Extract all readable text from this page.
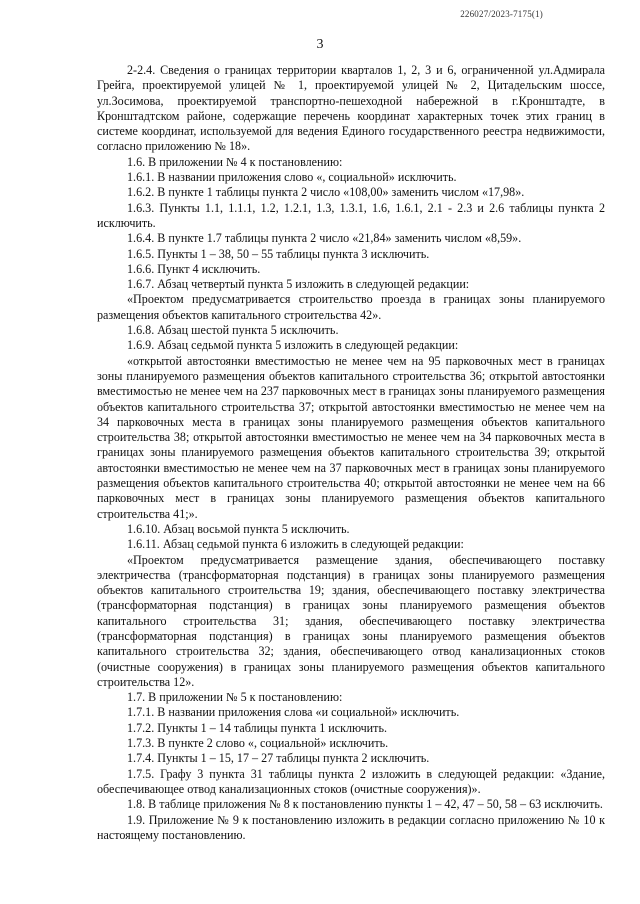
226027/2023-7175(1)
3

2-2.4. Сведения о границах территории кварталов 1, 2, 3 и 6, ограниченной ул.Адмирала Грейга, проектируемой улицей № 1, проектируемой улицей № 2, Цитадельским шоссе, ул.Зосимова, проектируемой транспортно-пешеходной набережной в г.Кронштадте, в Кронштадтском районе, содержащие перечень координат характерных точек этих границ в системе координат, используемой для ведения Единого государственного реестра недвижимости, согласно приложению № 18».

1.6. В приложении № 4 к постановлению:

1.6.1. В названии приложения слово «, социальной» исключить.

1.6.2. В пункте 1 таблицы пункта 2 число «108,00» заменить числом «17,98».

1.6.3. Пункты 1.1, 1.1.1, 1.2, 1.2.1, 1.3, 1.3.1, 1.6, 1.6.1, 2.1 - 2.3 и 2.6 таблицы пункта 2 исключить.

1.6.4. В пункте 1.7 таблицы пункта 2 число «21,84» заменить числом «8,59».

1.6.5. Пункты 1 – 38, 50 – 55 таблицы пункта 3 исключить.

1.6.6. Пункт 4 исключить.

1.6.7. Абзац четвертый пункта 5 изложить в следующей редакции:

«Проектом предусматривается строительство проезда в границах зоны планируемого размещения объектов капитального строительства 42».

1.6.8. Абзац шестой пункта 5 исключить.

1.6.9. Абзац седьмой пункта 5 изложить в следующей редакции:

«открытой автостоянки вместимостью не менее чем на 95 парковочных мест в границах зоны планируемого размещения объектов капитального строительства 36; открытой автостоянки вместимостью не менее чем на 237 парковочных мест в границах зоны планируемого размещения объектов капитального строительства 37; открытой автостоянки вместимостью не менее чем на 34 парковочных места в границах зоны планируемого размещения объектов капитального строительства 38; открытой автостоянки вместимостью не менее чем на 34 парковочных места в границах зоны планируемого размещения объектов капитального строительства 39; открытой автостоянки вместимостью не менее чем на 37 парковочных мест в границах зоны планируемого размещения объектов капитального строительства 40; открытой автостоянки не менее чем на 66 парковочных мест в границах зоны планируемого размещения объектов капитального строительства 41;».

1.6.10. Абзац восьмой пункта 5 исключить.

1.6.11. Абзац седьмой пункта 6 изложить в следующей редакции:

«Проектом предусматривается размещение здания, обеспечивающего поставку электричества (трансформаторная подстанция) в границах зоны планируемого размещения объектов капитального строительства 19; здания, обеспечивающего поставку электричества (трансформаторная подстанция) в границах зоны планируемого размещения объектов капитального строительства 31; здания, обеспечивающего поставку электричества (трансформаторная подстанция) в границах зоны планируемого размещения объектов капитального строительства 32; здания, обеспечивающего отвод канализационных стоков (очистные сооружения) в границах зоны планируемого размещения объектов капитального строительства 12».

1.7. В приложении № 5 к постановлению:

1.7.1. В названии приложения слова «и социальной» исключить.

1.7.2. Пункты 1 – 14 таблицы пункта 1 исключить.

1.7.3. В пункте 2 слово «, социальной» исключить.

1.7.4. Пункты 1 – 15, 17 – 27 таблицы пункта 2 исключить.

1.7.5. Графу 3 пункта 31 таблицы пункта 2 изложить в следующей редакции: «Здание, обеспечивающее отвод канализационных стоков (очистные сооружения)».

1.8. В таблице приложения № 8 к постановлению пункты 1 – 42, 47 – 50, 58 – 63 исключить.

1.9. Приложение № 9 к постановлению изложить в редакции согласно приложению № 10 к настоящему постановлению.
